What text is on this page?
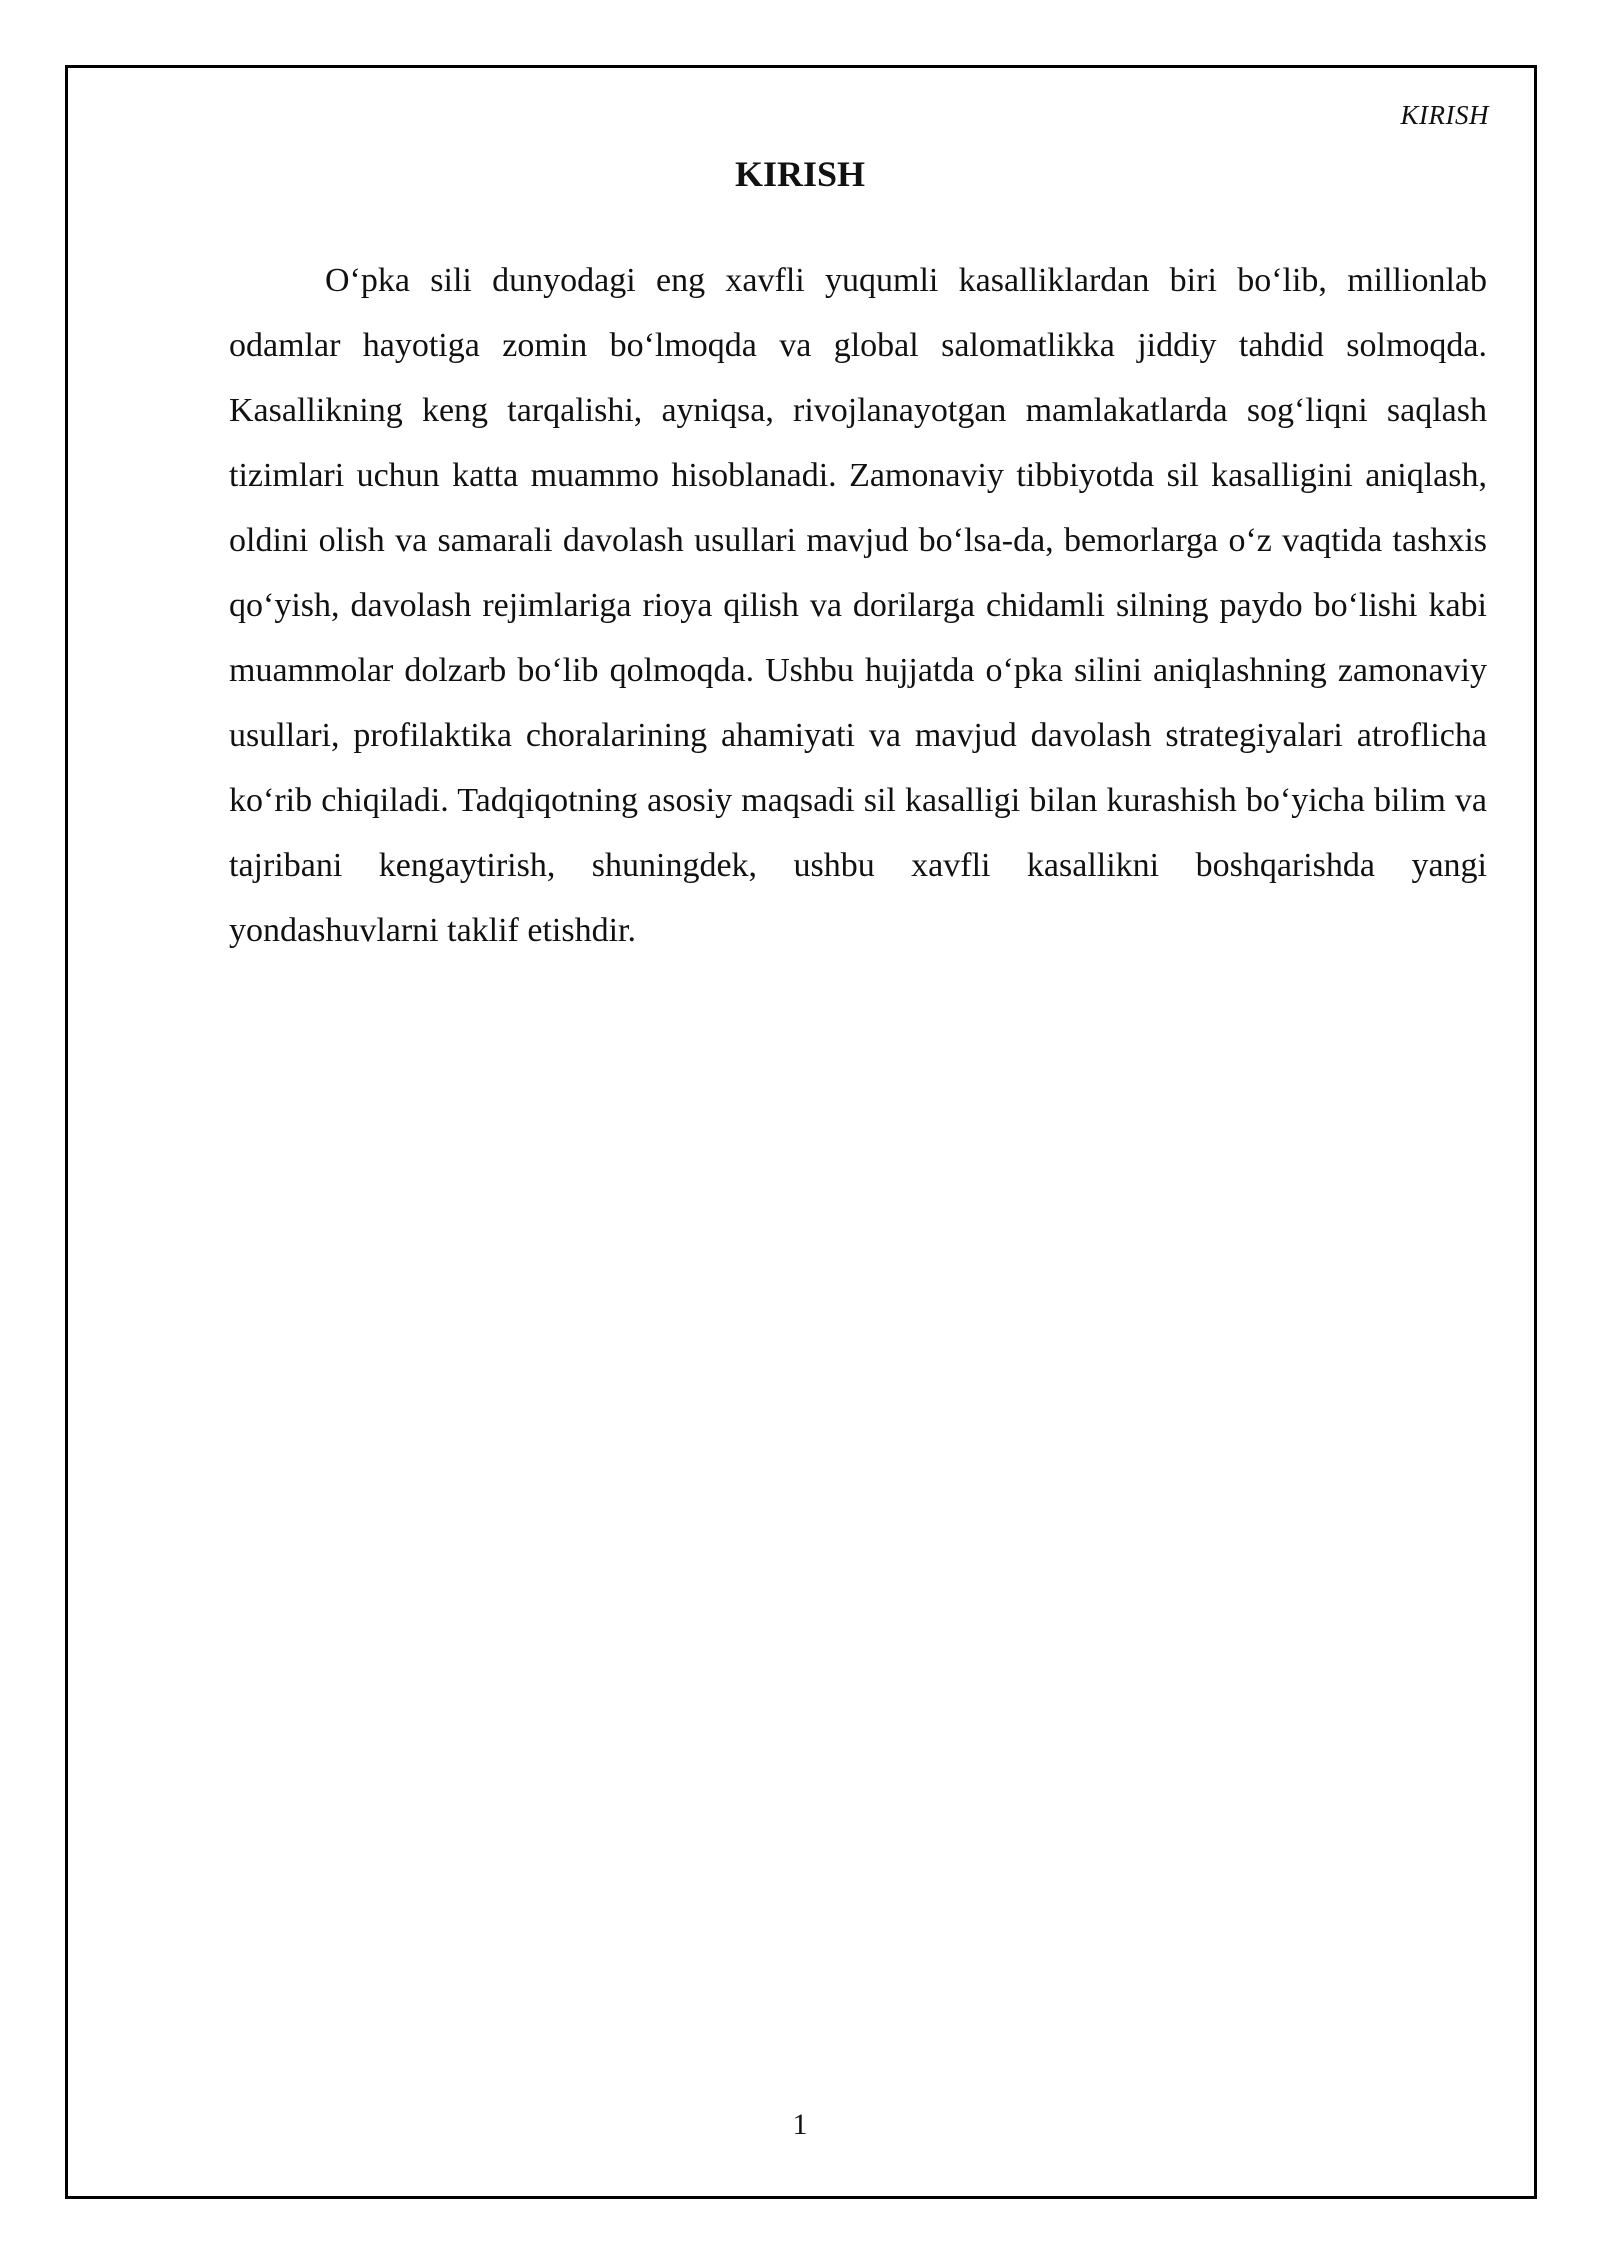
KIRISH
KIRISH

O‘pka sili dunyodagi eng xavfli yuqumli kasalliklardan biri bo‘lib, millionlab odamlar hayotiga zomin bo‘lmoqda va global salomatlikka jiddiy tahdid solmoqda. Kasallikning keng tarqalishi, ayniqsa, rivojlanayotgan mamlakatlarda sog‘liqni saqlash tizimlari uchun katta muammo hisoblanadi. Zamonaviy tibbiyotda sil kasalligini aniqlash, oldini olish va samarali davolash usullari mavjud bo‘lsa-da, bemorlarga o‘z vaqtida tashxis qo‘yish, davolash rejimlariga rioya qilish va dorilarga chidamli silning paydo bo‘lishi kabi muammolar dolzarb bo‘lib qolmoqda. Ushbu hujjatda o‘pka silini aniqlashning zamonaviy usullari, profilaktika choralarining ahamiyati va mavjud davolash strategiyalari atroflicha ko‘rib chiqiladi. Tadqiqotning asosiy maqsadi sil kasalligi bilan kurashish bo‘yicha bilim va tajribani kengaytirish, shuningdek, ushbu xavfli kasallikni boshqarishda yangi yondashuvlarni taklif etishdir.

1
